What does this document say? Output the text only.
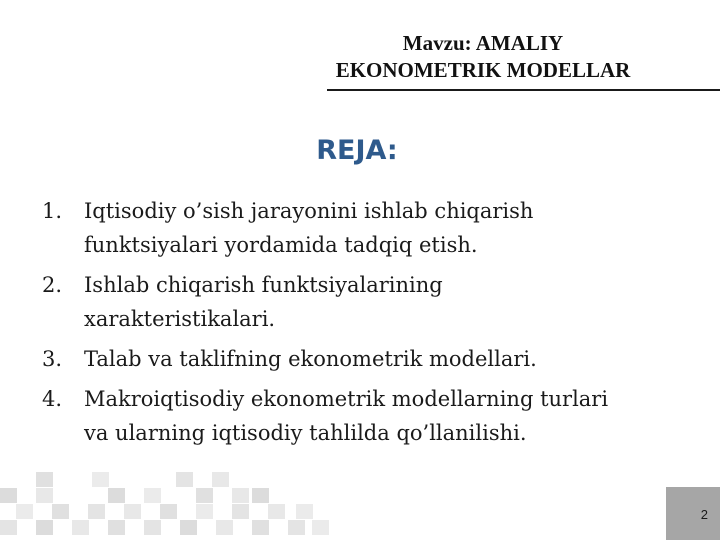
Mavzu: AMALIY
EKONOMETRIK MODELLAR
REJA:
1. Iqtisodiy o’sish jarayonini ishlab chiqarish
funktsiyalari yordamida tadqiq etish.
2. Ishlab chiqarish funktsiyalarining
xarakteristikalari.
3. Talab va taklifning ekonometrik modellari.
4. Makroiqtisodiy ekonometrik modellarning turlari
va ularning iqtisodiy tahlilda qo’llanilishi.
2
